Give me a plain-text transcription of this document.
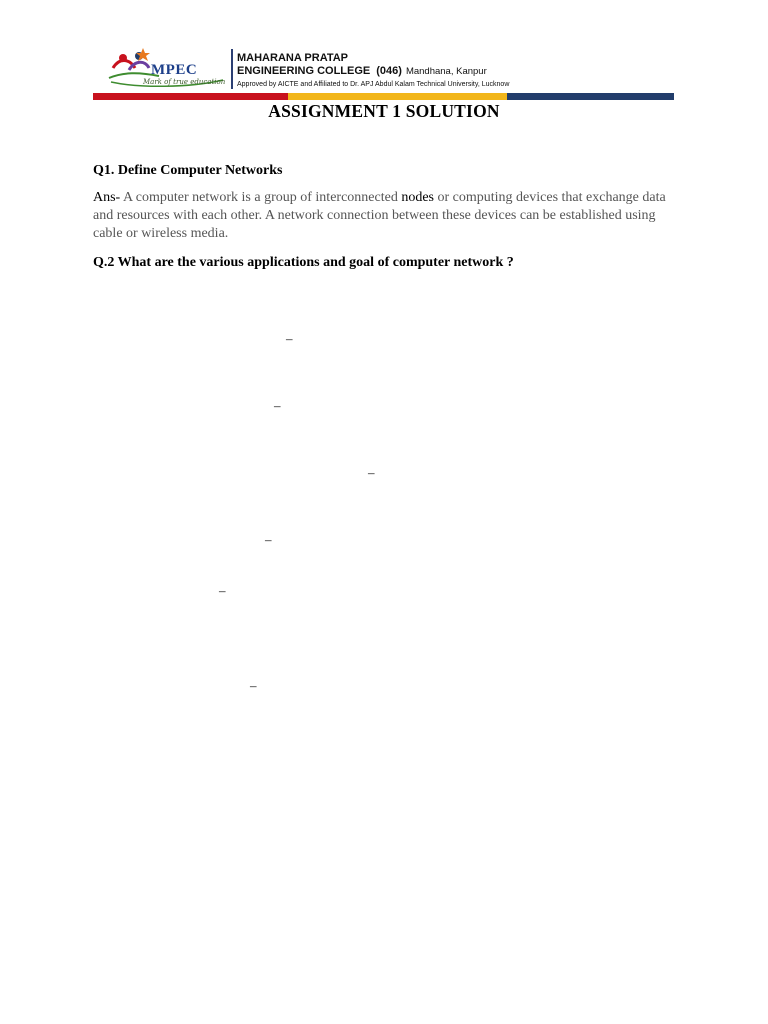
MPEC
Mark of true education
MAHARANA PRATAP
ENGINEERING COLLEGE (046) Mandhana, Kanpur
Approved by AICTE and Affiliated to Dr. APJ Abdul Kalam Technical University, Lucknow
ASSIGNMENT 1 SOLUTION
Q1. Define Computer Networks
Ans- A computer network is a group of interconnected nodes or computing devices that exchange data and resources with each other. A network connection between these devices can be established using cable or wireless media.
Q.2 What are the various applications and goal of computer network ?
–
–
–
–
–
–
